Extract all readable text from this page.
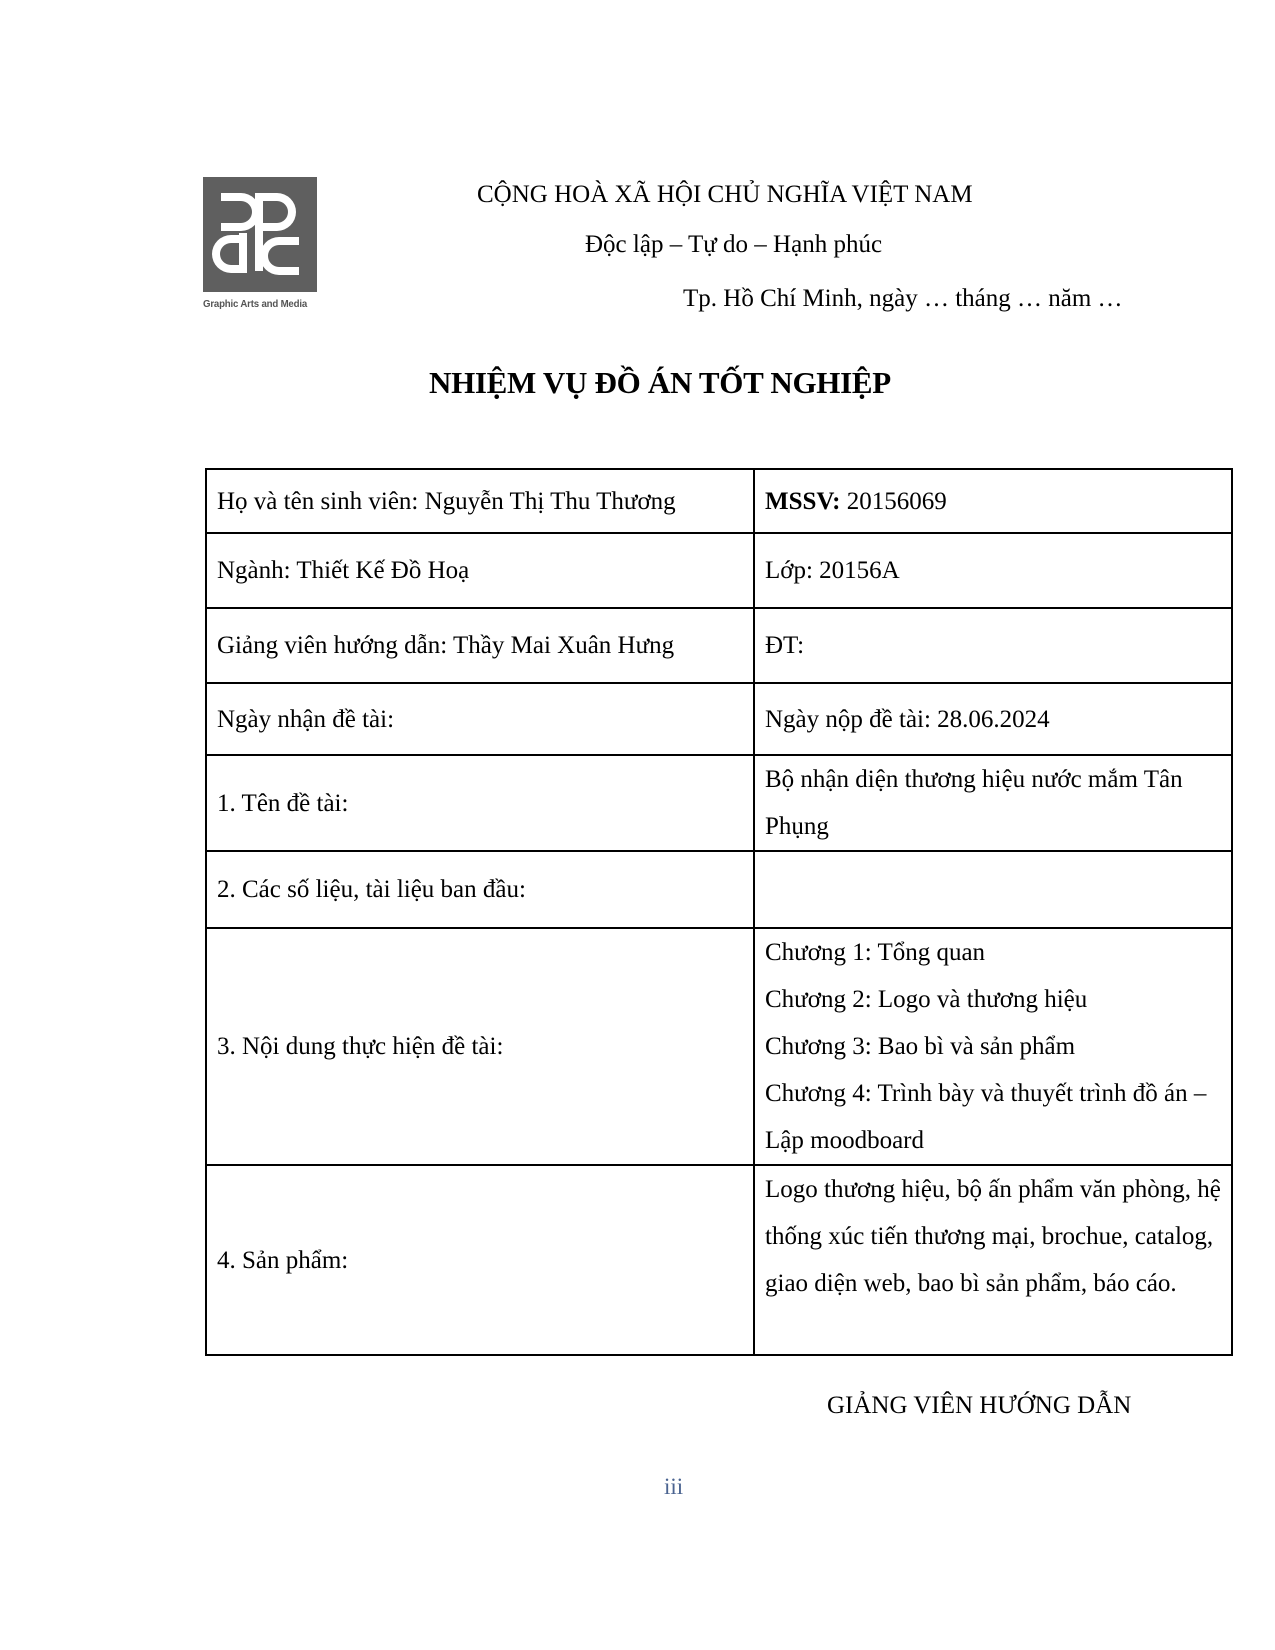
Graphic Arts and Media
CỘNG HOÀ XÃ HỘI CHỦ NGHĨA VIỆT NAM
Độc lập – Tự do – Hạnh phúc
Tp. Hồ Chí Minh, ngày … tháng … năm …
NHIỆM VỤ ĐỒ ÁN TỐT NGHIỆP
Họ và tên sinh viên: Nguyễn Thị Thu Thương	MSSV: 20156069
Ngành: Thiết Kế Đồ Hoạ	Lớp: 20156A
Giảng viên hướng dẫn: Thầy Mai Xuân Hưng	ĐT:
Ngày nhận đề tài:	Ngày nộp đề tài: 28.06.2024
1. Tên đề tài:	Bộ nhận diện thương hiệu nước mắm Tân Phụng
2. Các số liệu, tài liệu ban đầu:	
3. Nội dung thực hiện đề tài:	Chương 1: Tổng quan
Chương 2: Logo và thương hiệu
Chương 3: Bao bì và sản phẩm
Chương 4: Trình bày và thuyết trình đồ án – Lập moodboard

4. Sản phẩm:	Logo thương hiệu, bộ ấn phẩm văn phòng, hệ thống xúc tiến thương mại, brochue, catalog, giao diện web, bao bì sản phẩm, báo cáo.
GIẢNG VIÊN HƯỚNG DẪN
iii
